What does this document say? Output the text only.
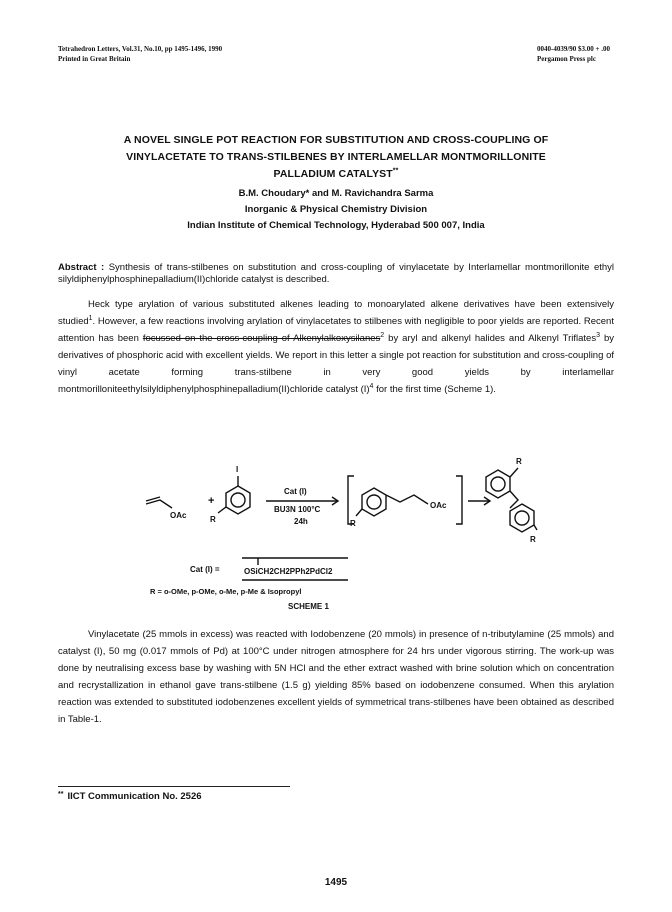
Tetrahedron Letters, Vol.31, No.10, pp 1495-1496, 1990
Printed in Great Britain
0040-4039/90 $3.00 + .00
Pergamon Press plc
A NOVEL SINGLE POT REACTION FOR SUBSTITUTION AND CROSS-COUPLING OF
VINYLACETATE TO TRANS-STILBENES BY INTERLAMELLAR MONTMORILLONITE
PALLADIUM CATALYST**
B.M. Choudary* and M. Ravichandra Sarma
Inorganic & Physical Chemistry Division
Indian Institute of Chemical Technology, Hyderabad 500 007, India
Abstract : Synthesis of trans-stilbenes on substitution and cross-coupling of vinylacetate by Interlamellar montmorillonite ethyl silyldiphenylphosphinepalladium(II)chloride catalyst is described.
Heck type arylation of various substituted alkenes leading to monoarylated alkene derivatives have been extensively studied$^1$. However, a few reactions involving arylation of vinylacetates to stilbenes with negligible to poor yields are reported. Recent attention has been focussed on the cross-coupling of Alkenylalkoxysilanes$^2$ by aryl and alkenyl halides and Alkenyl Triflates$^3$ by derivatives of phosphoric acid with excellent yields. We report in this letter a single pot reaction for substitution and cross-coupling of vinyl acetate forming trans-stilbene in very good yields by interlamellar montmorilloniteethylsilyldiphenylphosphinepalladium(II)chloride catalyst $(I)^4$ for the first time (Scheme 1).
OAc
+
I
R
Cat (I)
BU3N 100°C
24h
OAc
R
R
R
Cat (I) =	OSiCH2CH2PPh2PdCl2
R = o-OMe, p-OMe, o-Me, p-Me & Isopropyl
SCHEME 1
Vinylacetate (25 mmols in excess) was reacted with Iodobenzene (20 mmols) in presence of n-tributylamine (25 mmols) and catalyst (I), 50 mg (0.017 mmols of Pd) at 100°C under nitrogen atmosphere for 24 hrs under vigorous stirring. The work-up was done by neutralising excess base by washing with 5N HCl and the ether extract washed with brine solution which on concentration and recrystallization in ethanol gave trans-stilbene (1.5 g) yielding 85% based on iodobenzene consumed. When this arylation reaction was extended to substituted iodobenzenes excellent yields of symmetrical trans-stilbenes have been obtained as described in Table-1.
** IICT Communication No. 2526
1495
